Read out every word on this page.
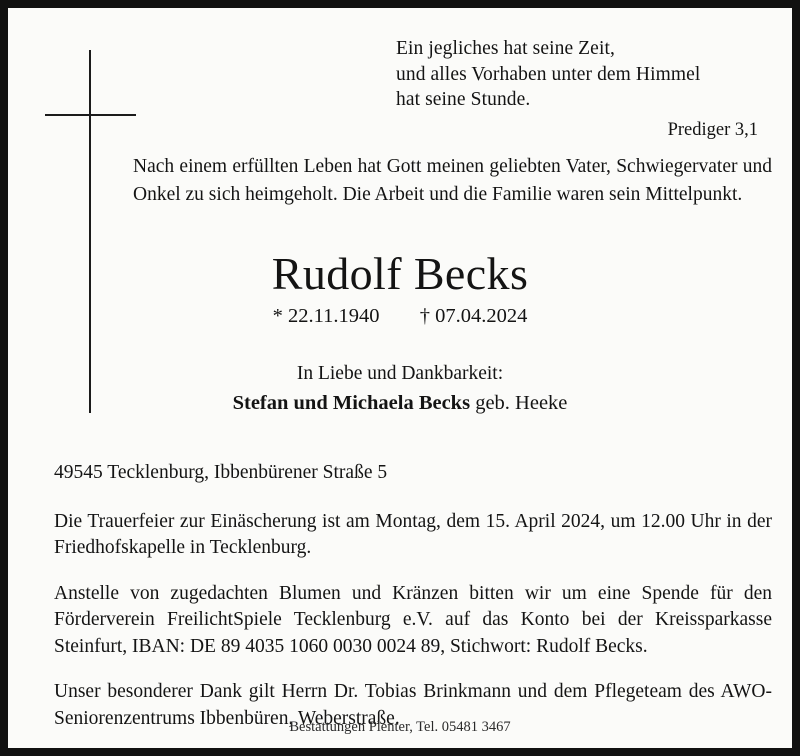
Ein jegliches hat seine Zeit,
und alles Vorhaben unter dem Himmel
hat seine Stunde.
Prediger 3,1
Nach einem erfüllten Leben hat Gott meinen geliebten Vater, Schwiegervater und Onkel zu sich heimgeholt. Die Arbeit und die Familie waren sein Mittelpunkt.
Rudolf Becks
* 22.11.1940 † 07.04.2024
In Liebe und Dankbarkeit:
Stefan und Michaela Becks geb. Heeke

49545 Tecklenburg, Ibbenbürener Straße 5

Die Trauerfeier zur Einäscherung ist am Montag, dem 15. April 2024, um 12.00 Uhr in der Friedhofskapelle in Tecklenburg.

Anstelle von zugedachten Blumen und Kränzen bitten wir um eine Spende für den Förderverein FreilichtSpiele Tecklenburg e.V. auf das Konto bei der Kreissparkasse Steinfurt, IBAN: DE 89 4035 1060 0030 0024 89, Stichwort: Rudolf Becks.

Unser besonderer Dank gilt Herrn Dr. Tobias Brinkmann und dem Pflegeteam des AWO-Seniorenzentrums Ibbenbüren, Weberstraße.

Bestattungen Plenter, Tel. 05481 3467
